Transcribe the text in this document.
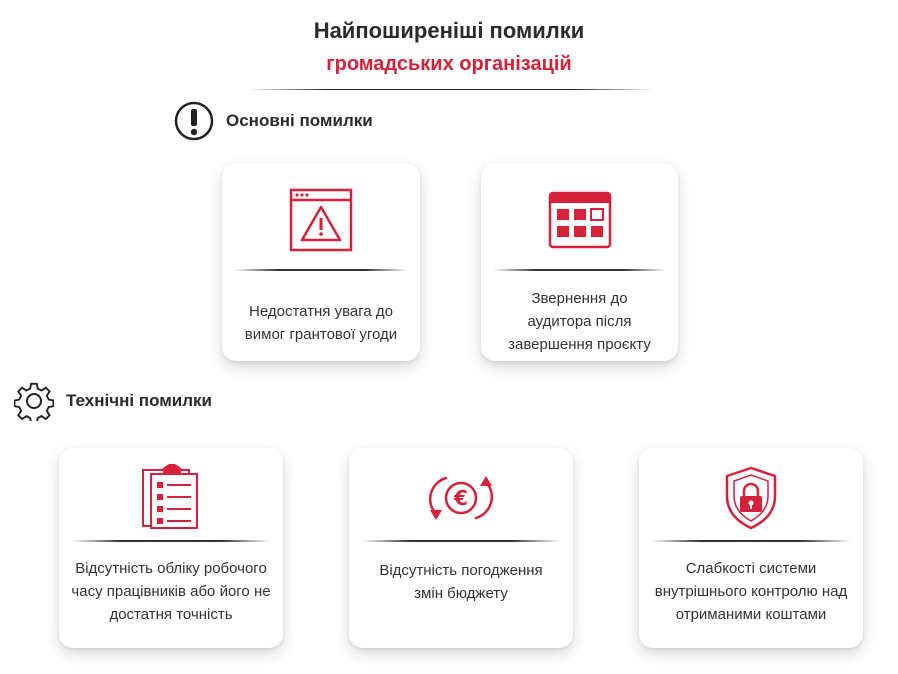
Найпоширеніші помилки
громадських організацій
Основні помилки
Недостатня увага до
вимог грантової угоди
Звернення до
аудитора після
завершення проєкту
Технічні помилки
Відсутність обліку робочого
часу працівників або його не
достатня точність
€
Відсутність погодження
змін бюджету
Слабкості системи
внутрішнього контролю над
отриманими коштами
